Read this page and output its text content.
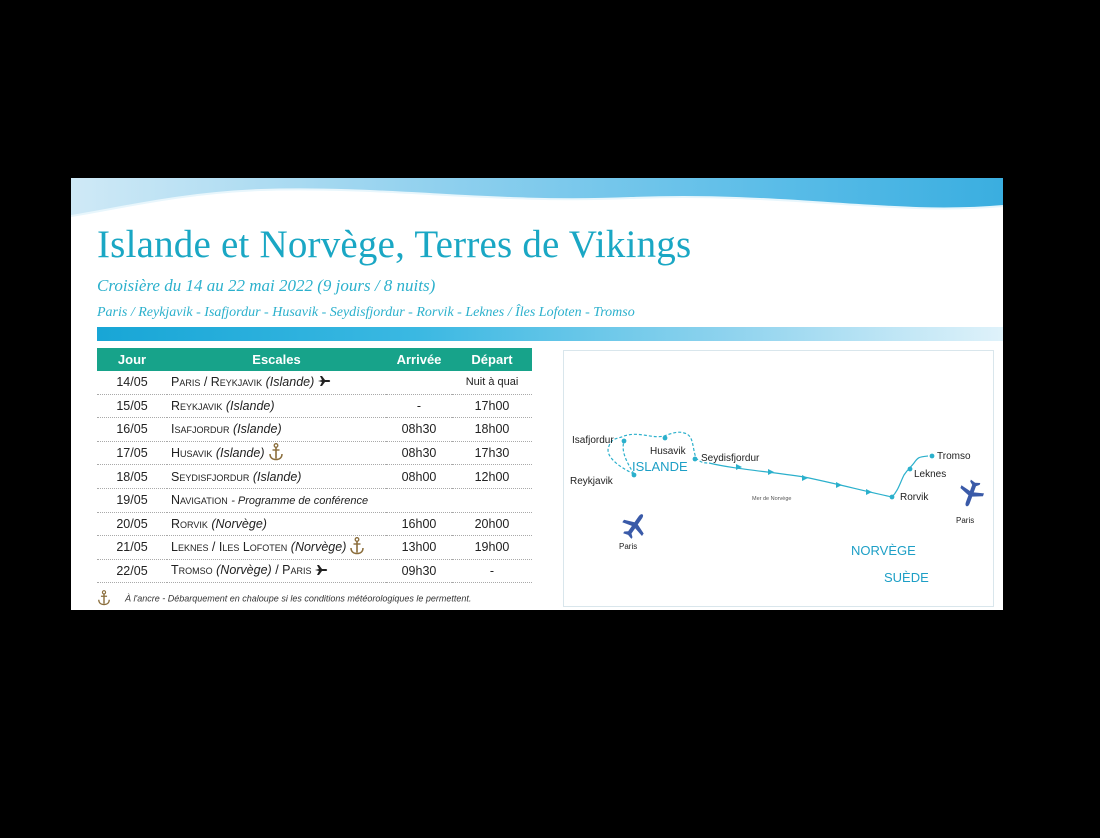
Islande et Norvège, Terres de Vikings
Croisière du 14 au 22 mai 2022 (9 jours / 8 nuits)
Paris / Reykjavik - Isafjordur - Husavik - Seydisfjordur - Rorvik - Leknes / Îles Lofoten - Tromso
Jour	Escales	Arrivée	Départ
14/05	Paris / Reykjavik (Islande)		Nuit à quai
15/05	Reykjavik (Islande)	-	17h00
16/05	Isafjordur (Islande)	08h30	18h00
17/05	Husavik (Islande)	08h30	17h30
18/05	Seydisfjordur (Islande)	08h00	12h00
19/05	Navigation - Programme de conférence		
20/05	Rorvik (Norvège)	16h00	20h00
21/05	Leknes / Iles Lofoten (Norvège)	13h00	19h00
22/05	Tromso (Norvège) / Paris	09h30	-
À l'ancre - Débarquement en chaloupe si les conditions météorologiques le permettent.
Isafjordur
Husavik
ISLANDE
Seydisfjordur
Reykjavik
Mer de Norvège
Tromso
Leknes
Rorvik
NORVÈGE
SUÈDE
Paris
Paris
